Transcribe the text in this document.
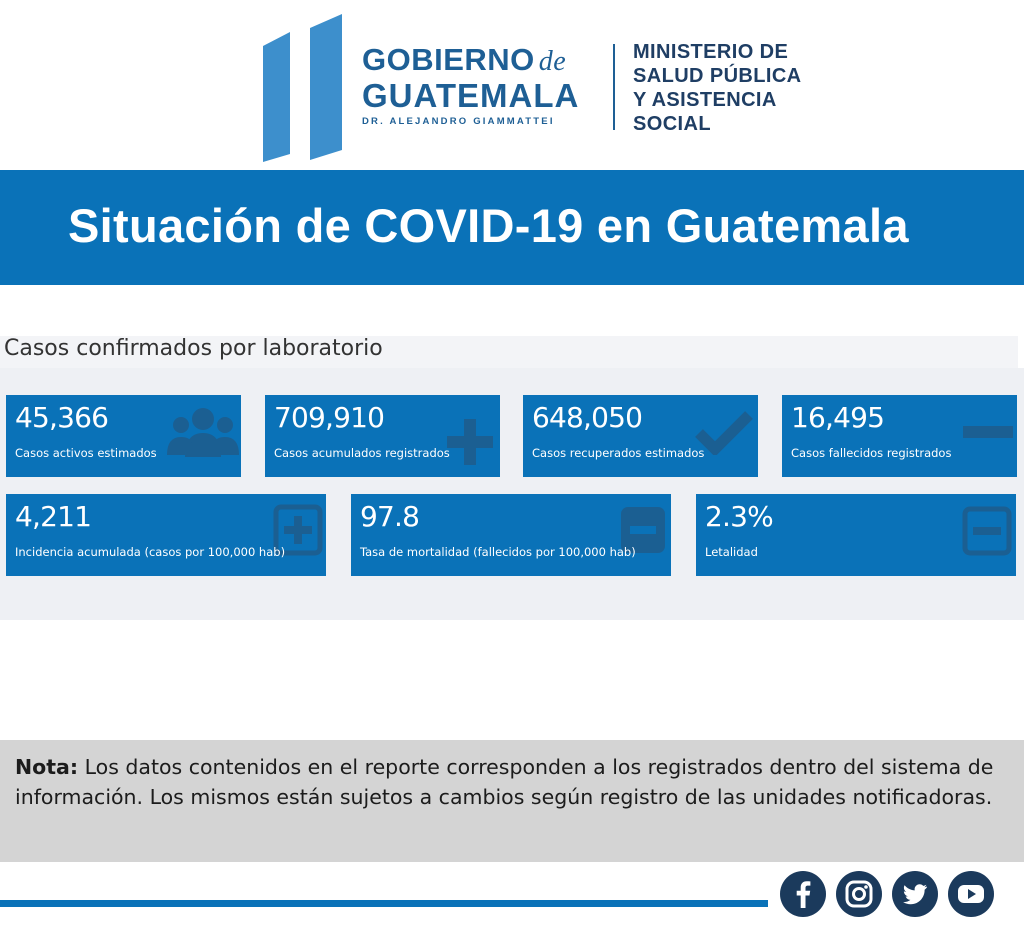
GOBIERNO de
GUATEMALA
DR. ALEJANDRO GIAMMATTEI
MINISTERIO DE
SALUD PÚBLICA
Y ASISTENCIA
SOCIAL
Situación de COVID-19 en Guatemala
Casos confirmados por laboratorio
45,366
Casos activos estimados
709,910
Casos acumulados registrados
648,050
Casos recuperados estimados
16,495
Casos fallecidos registrados
4,211
Incidencia acumulada (casos por 100,000 hab)
97.8
Tasa de mortalidad (fallecidos por 100,000 hab)
2.3%
Letalidad

Nota: Los datos contenidos en el reporte corresponden a los registrados dentro del sistema de información. Los mismos están sujetos a cambios según registro de las unidades notificadoras.
